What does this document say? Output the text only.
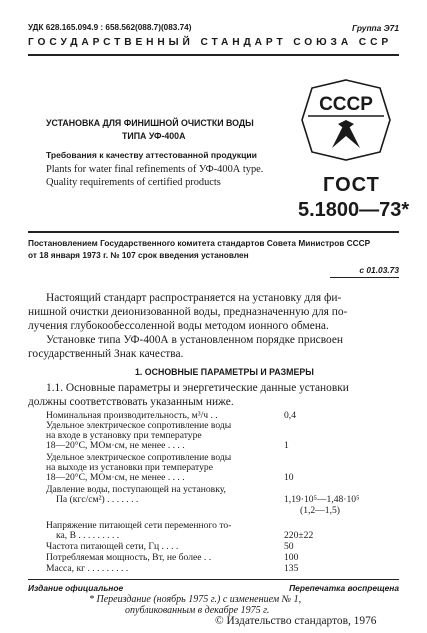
УДК 628.165.094.9 : 658.562(088.7)(083.74)	Группа Э71
ГОСУДАРСТВЕННЫЙ СТАНДАРТ СОЮЗА ССР
УСТАНОВКА ДЛЯ ФИНИШНОЙ ОЧИСТКИ ВОДЫ
ТИПА УФ-400А
Требования к качеству аттестованной продукции
Plants for water final refinements of УФ-400А type.
Quality requirements of certified products
СССР
ГОСТ
5.1800—73*
Постановлением Государственного комитета стандартов Совета Министров СССР
от 18 января 1973 г. № 107 срок введения установлен
с 01.03.73
Настоящий стандарт распространяется на установку для фи-
нишной очистки деионизованной воды, предназначенную для по-
лучения глубокообессоленной воды методом ионного обмена.
Установке типа УФ-400А в установленном порядке присвоен
государственный Знак качества.
1. ОСНОВНЫЕ ПАРАМЕТРЫ И РАЗМЕРЫ
1.1. Основные параметры и энергетические данные установки
должны соответствовать указанным ниже.
Номинальная производительность, м³/ч . .	0,4
Удельное электрическое сопротивление воды
на входе в установку при температуре
18—20°С, МОм·см, не менее . . . .	1
Удельное электрическое сопротивление воды
на выходе из установки при температуре
18—20°С, МОм·см, не менее . . . .	10
Давление воды, поступающей на установку,
Па (кгс/см²) . . . . . . .	1,19·10⁵—1,48·10⁵
(1,2—1,5)
Напряжение питающей сети переменного то-
ка, В . . . . . . . . .	220±22
Частота питающей сети, Гц . . . .	50
Потребляемая мощность, Вт, не более . .	100
Масса, кг . . . . . . . . .	135
Издание официальное	Перепечатка воспрещена
* Переиздание (ноябрь 1975 г.) с изменением № 1,
опубликованным в декабре 1975 г.
© Издательство стандартов, 1976
